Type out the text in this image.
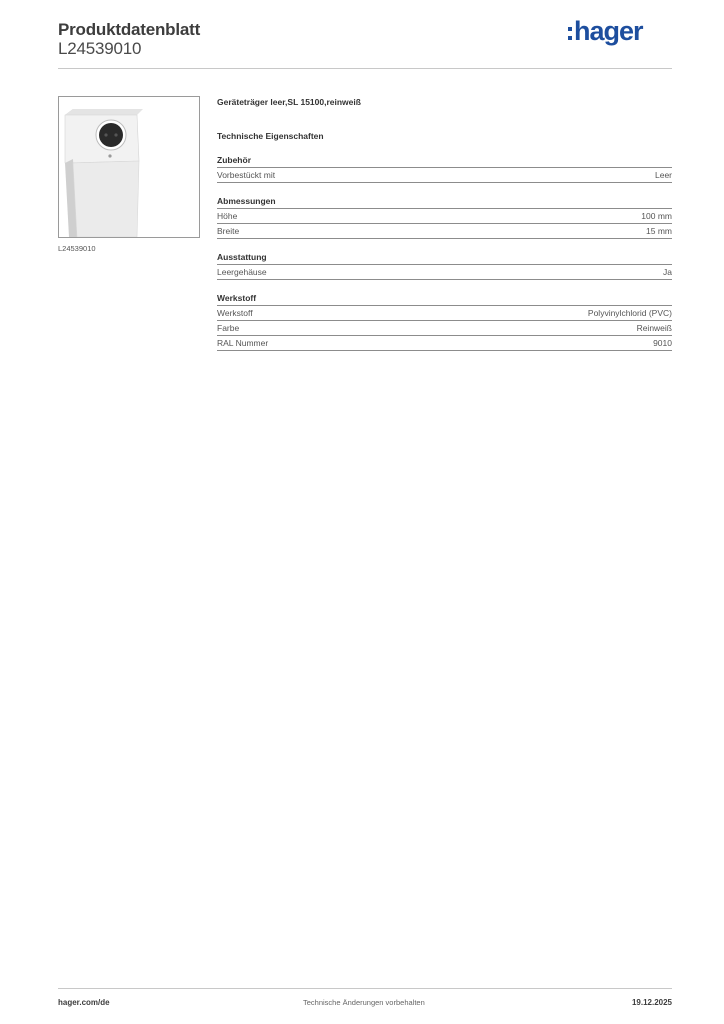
Produktdatenblatt
L24539010
hager
L24539010
Geräteträger leer,SL 15100,reinweiß
Technische Eigenschaften
Zubehör
Vorbestückt mit	Leer
Abmessungen
Höhe	100 mm
Breite	15 mm
Ausstattung
Leergehäuse	Ja
Werkstoff
Werkstoff	Polyvinylchlorid (PVC)
Farbe	Reinweiß
RAL Nummer	9010
hager.com/de	Technische Änderungen vorbehalten	19.12.2025
